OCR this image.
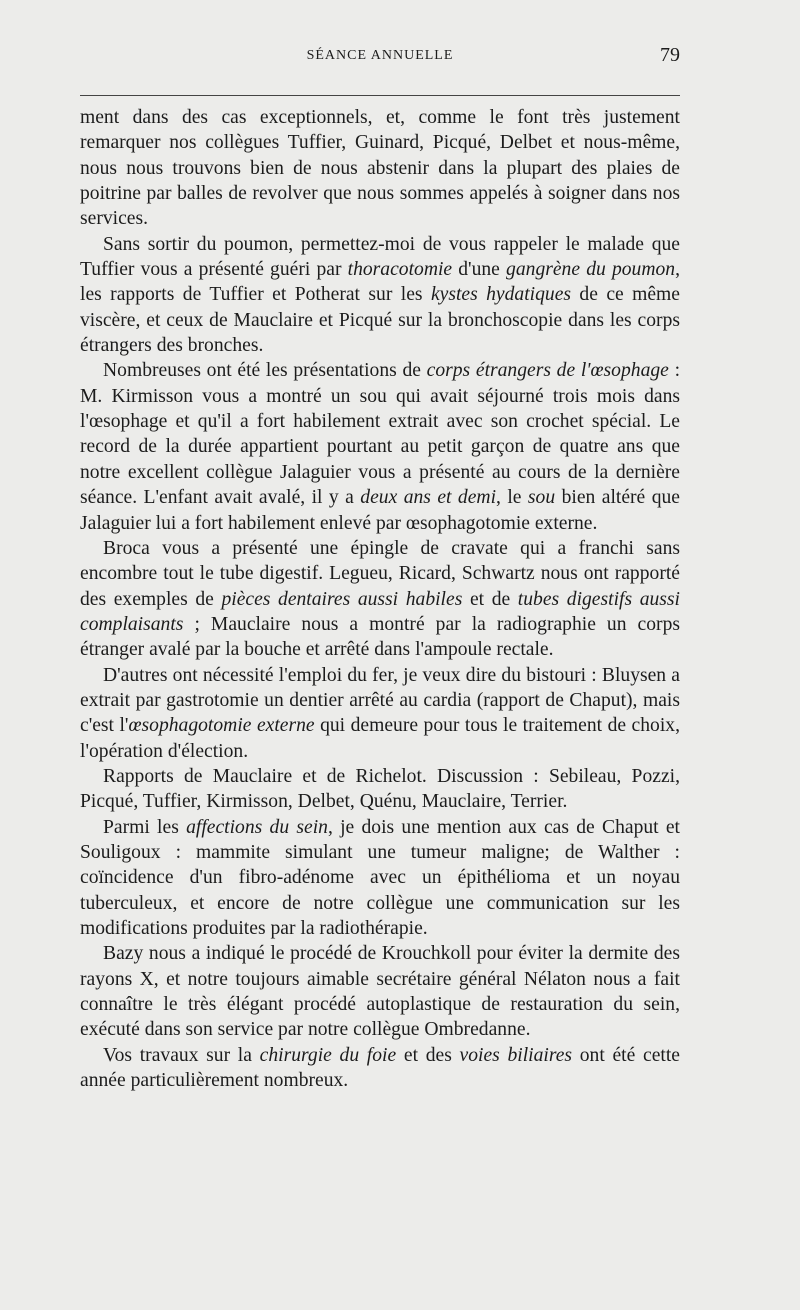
SÉANCE ANNUELLE	79

ment dans des cas exceptionnels, et, comme le font très justement remarquer nos collègues Tuffier, Guinard, Picqué, Delbet et nous-même, nous nous trouvons bien de nous abstenir dans la plupart des plaies de poitrine par balles de revolver que nous sommes appelés à soigner dans nos services.

Sans sortir du poumon, permettez-moi de vous rappeler le malade que Tuffier vous a présenté guéri par thoracotomie d'une gangrène du poumon, les rapports de Tuffier et Potherat sur les kystes hydatiques de ce même viscère, et ceux de Mauclaire et Picqué sur la bronchoscopie dans les corps étrangers des bronches.

Nombreuses ont été les présentations de corps étrangers de l'œsophage : M. Kirmisson vous a montré un sou qui avait séjourné trois mois dans l'œsophage et qu'il a fort habilement extrait avec son crochet spécial. Le record de la durée appartient pourtant au petit garçon de quatre ans que notre excellent collègue Jalaguier vous a présenté au cours de la dernière séance. L'enfant avait avalé, il y a deux ans et demi, le sou bien altéré que Jalaguier lui a fort habilement enlevé par œsophagotomie externe.

Broca vous a présenté une épingle de cravate qui a franchi sans encombre tout le tube digestif. Legueu, Ricard, Schwartz nous ont rapporté des exemples de pièces dentaires aussi habiles et de tubes digestifs aussi complaisants ; Mauclaire nous a montré par la radiographie un corps étranger avalé par la bouche et arrêté dans l'ampoule rectale.

D'autres ont nécessité l'emploi du fer, je veux dire du bistouri : Bluysen a extrait par gastrotomie un dentier arrêté au cardia (rapport de Chaput), mais c'est l'œsophagotomie externe qui demeure pour tous le traitement de choix, l'opération d'élection.

Rapports de Mauclaire et de Richelot. Discussion : Sebileau, Pozzi, Picqué, Tuffier, Kirmisson, Delbet, Quénu, Mauclaire, Terrier.

Parmi les affections du sein, je dois une mention aux cas de Chaput et Souligoux : mammite simulant une tumeur maligne; de Walther : coïncidence d'un fibro-adénome avec un épithélioma et un noyau tuberculeux, et encore de notre collègue une communication sur les modifications produites par la radiothérapie.

Bazy nous a indiqué le procédé de Krouchkoll pour éviter la dermite des rayons X, et notre toujours aimable secrétaire général Nélaton nous a fait connaître le très élégant procédé autoplastique de restauration du sein, exécuté dans son service par notre collègue Ombredanne.

Vos travaux sur la chirurgie du foie et des voies biliaires ont été cette année particulièrement nombreux.
